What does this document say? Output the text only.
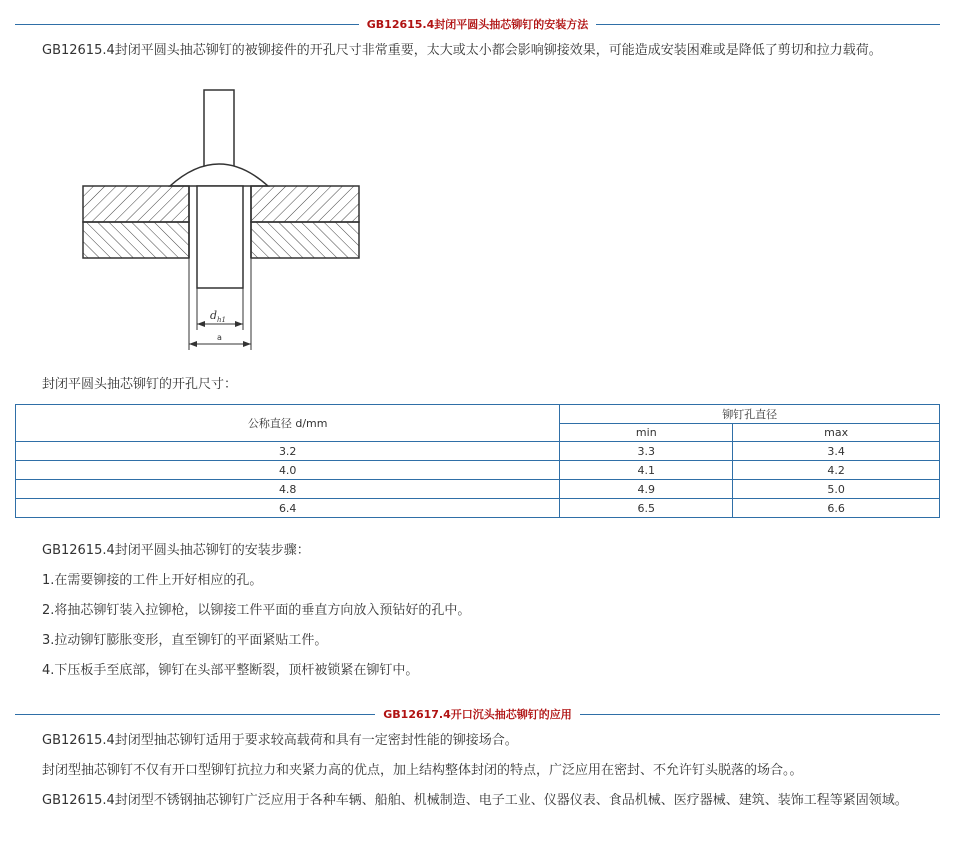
GB12615.4封闭平圆头抽芯铆钉的安装方法

GB12615.4封闭平圆头抽芯铆钉的被铆接件的开孔尺寸非常重要，太大或太小都会影响铆接效果，可能造成安装困难或是降低了剪切和拉力载荷。

$d_{h1}$
a

封闭平圆头抽芯铆钉的开孔尺寸：

公称直径 d/mm	铆钉孔直径	
	min	max
3.2	3.3	3.4
4.0	4.1	4.2
4.8	4.9	5.0
6.4	6.5	6.6

GB12615.4封闭平圆头抽芯铆钉的安装步骤：

1.在需要铆接的工件上开好相应的孔。

2.将抽芯铆钉装入拉铆枪，以铆接工件平面的垂直方向放入预钻好的孔中。

3.拉动铆钉膨胀变形，直至铆钉的平面紧贴工件。

4.下压板手至底部，铆钉在头部平整断裂，顶杆被锁紧在铆钉中。

GB12617.4开口沉头抽芯铆钉的应用

GB12615.4封闭型抽芯铆钉适用于要求较高载荷和具有一定密封性能的铆接场合。

封闭型抽芯铆钉不仅有开口型铆钉抗拉力和夹紧力高的优点，加上结构整体封闭的特点，广泛应用在密封、不允许钉头脱落的场合。。

GB12615.4封闭型不锈钢抽芯铆钉广泛应用于各种车辆、船舶、机械制造、电子工业、仪器仪表、食品机械、医疗器械、建筑、装饰工程等紧固领域。
